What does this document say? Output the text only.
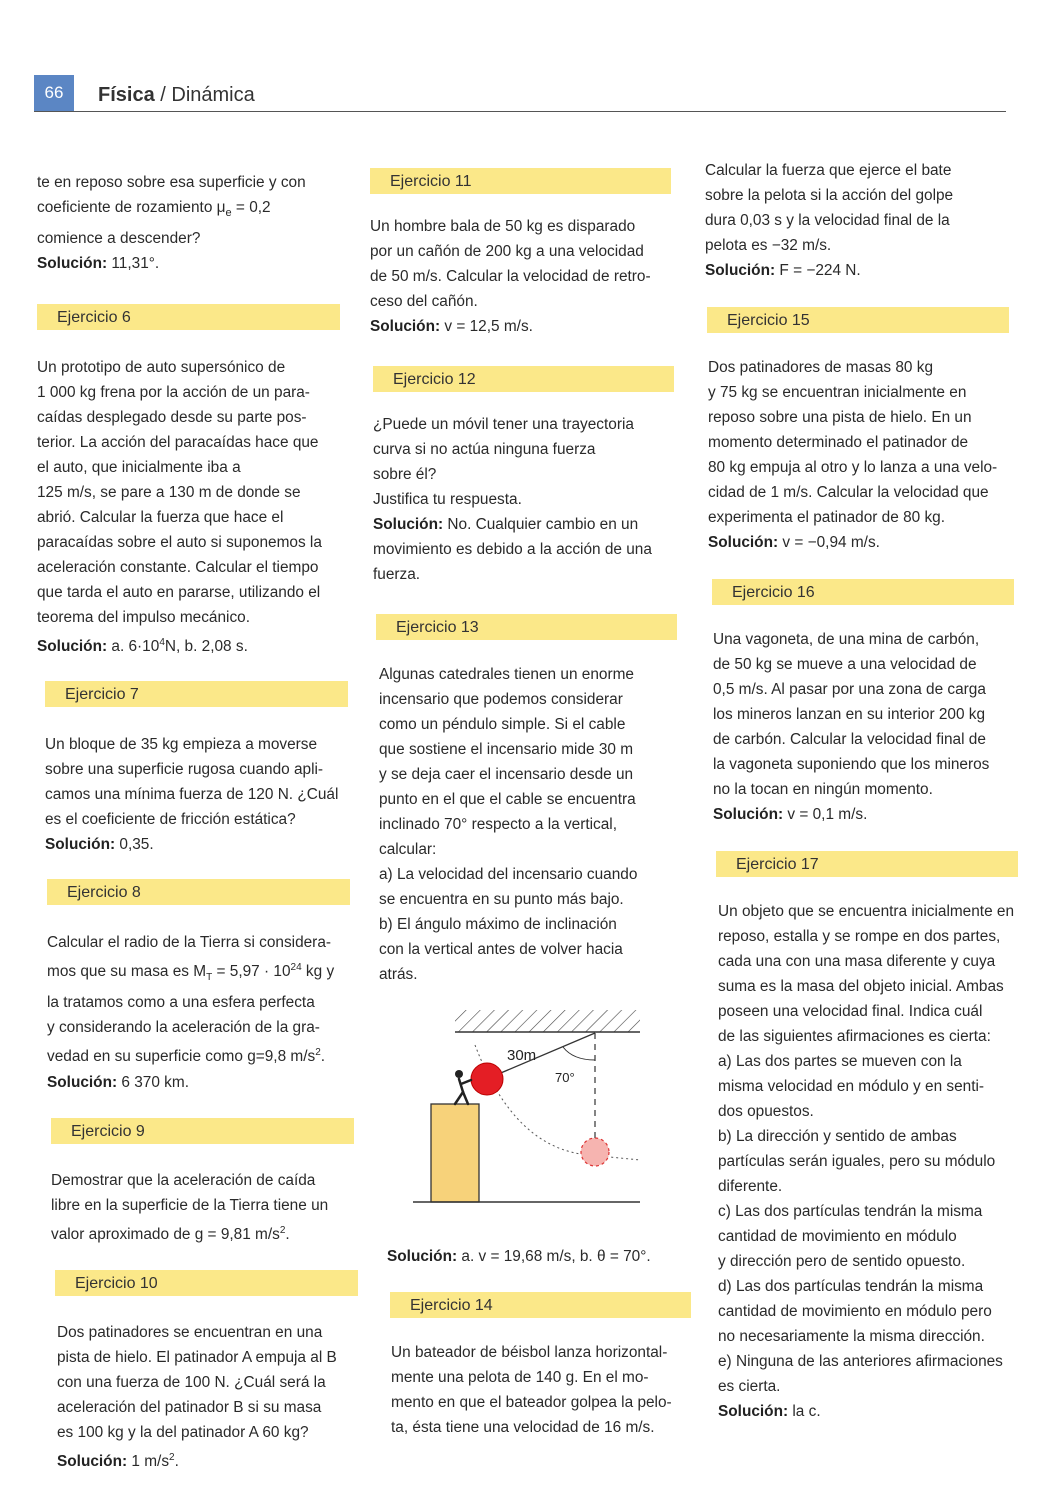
66	Física / Dinámica

te en reposo sobre esa superficie y con

coeficiente de rozamiento $\mu_e = 0,2$

comience a descender?

Solución: 11,31°.

Ejercicio 6

Un prototipo de auto supersónico de

1 000 kg frena por la acción de un para-

caídas desplegado desde su parte pos-

terior. La acción del paracaídas hace que

el auto, que inicialmente iba a

125 m/s, se pare a 130 m de donde se

abrió. Calcular la fuerza que hace el

paracaídas sobre el auto si suponemos la

aceleración constante. Calcular el tiempo

que tarda el auto en pararse, utilizando el

teorema del impulso mecánico.

Solución: a. $6\cdot 10^4N$, b. 2,08 s.

Ejercicio 7

Un bloque de 35 kg empieza a moverse

sobre una superficie rugosa cuando apli-

camos una mínima fuerza de 120 N. ¿Cuál

es el coeficiente de fricción estática?

Solución: 0,35.

Ejercicio 8

Calcular el radio de la Tierra si considera-

mos que su masa es $M_T = 5,97 \cdot 10^{24}$ kg y

la tratamos como a una esfera perfecta

y considerando la aceleración de la gra-

vedad en su superficie como g=9,8 $m/s^2$.

Solución: 6 370 km.

Ejercicio 9

Demostrar que la aceleración de caída

libre en la superficie de la Tierra tiene un

valor aproximado de g = 9,81 $m/s^2$.

Ejercicio 10

Dos patinadores se encuentran en una

pista de hielo. El patinador A empuja al B

con una fuerza de 100 N. ¿Cuál será la

aceleración del patinador B si su masa

es 100 kg y la del patinador A 60 kg?

Solución: 1 $m/s^2$.

Ejercicio 11

Un hombre bala de 50 kg es disparado

por un cañón de 200 kg a una velocidad

de 50 m/s. Calcular la velocidad de retro-

ceso del cañón.

Solución: v = 12,5 m/s.

Ejercicio 12

¿Puede un móvil tener una trayectoria

curva si no actúa ninguna fuerza

sobre él?

Justifica tu respuesta.

Solución: No. Cualquier cambio en un

movimiento es debido a la acción de una

fuerza.

Ejercicio 13

Algunas catedrales tienen un enorme

incensario que podemos considerar

como un péndulo simple. Si el cable

que sostiene el incensario mide 30 m

y se deja caer el incensario desde un

punto en el que el cable se encuentra

inclinado 70° respecto a la vertical,

calcular:

a) La velocidad del incensario cuando

se encuentra en su punto más bajo.

b) El ángulo máximo de inclinación

con la vertical antes de volver hacia

atrás.

30m
70°

Solución: a. v = 19,68 m/s, b. θ = 70°.

Ejercicio 14

Un bateador de béisbol lanza horizontal-

mente una pelota de 140 g. En el mo-

mento en que el bateador golpea la pelo-

ta, ésta tiene una velocidad de 16 m/s.

Calcular la fuerza que ejerce el bate

sobre la pelota si la acción del golpe

dura 0,03 s y la velocidad final de la

pelota es −32 m/s.

Solución: F = −224 N.

Ejercicio 15

Dos patinadores de masas 80 kg

y 75 kg se encuentran inicialmente en

reposo sobre una pista de hielo. En un

momento determinado el patinador de

80 kg empuja al otro y lo lanza a una velo-

cidad de 1 m/s. Calcular la velocidad que

experimenta el patinador de 80 kg.

Solución: v = −0,94 m/s.

Ejercicio 16

Una vagoneta, de una mina de carbón,

de 50 kg se mueve a una velocidad de

0,5 m/s. Al pasar por una zona de carga

los mineros lanzan en su interior 200 kg

de carbón. Calcular la velocidad final de

la vagoneta suponiendo que los mineros

no la tocan en ningún momento.

Solución: v = 0,1 m/s.

Ejercicio 17

Un objeto que se encuentra inicialmente en

reposo, estalla y se rompe en dos partes,

cada una con una masa diferente y cuya

suma es la masa del objeto inicial. Ambas

poseen una velocidad final. Indica cuál

de las siguientes afirmaciones es cierta:

a) Las dos partes se mueven con la

misma velocidad en módulo y en senti-

dos opuestos.

b) La dirección y sentido de ambas

partículas serán iguales, pero su módulo

diferente.

c) Las dos partículas tendrán la misma

cantidad de movimiento en módulo

y dirección pero de sentido opuesto.

d) Las dos partículas tendrán la misma

cantidad de movimiento en módulo pero

no necesariamente la misma dirección.

e) Ninguna de las anteriores afirmaciones

es cierta.

Solución: la c.
